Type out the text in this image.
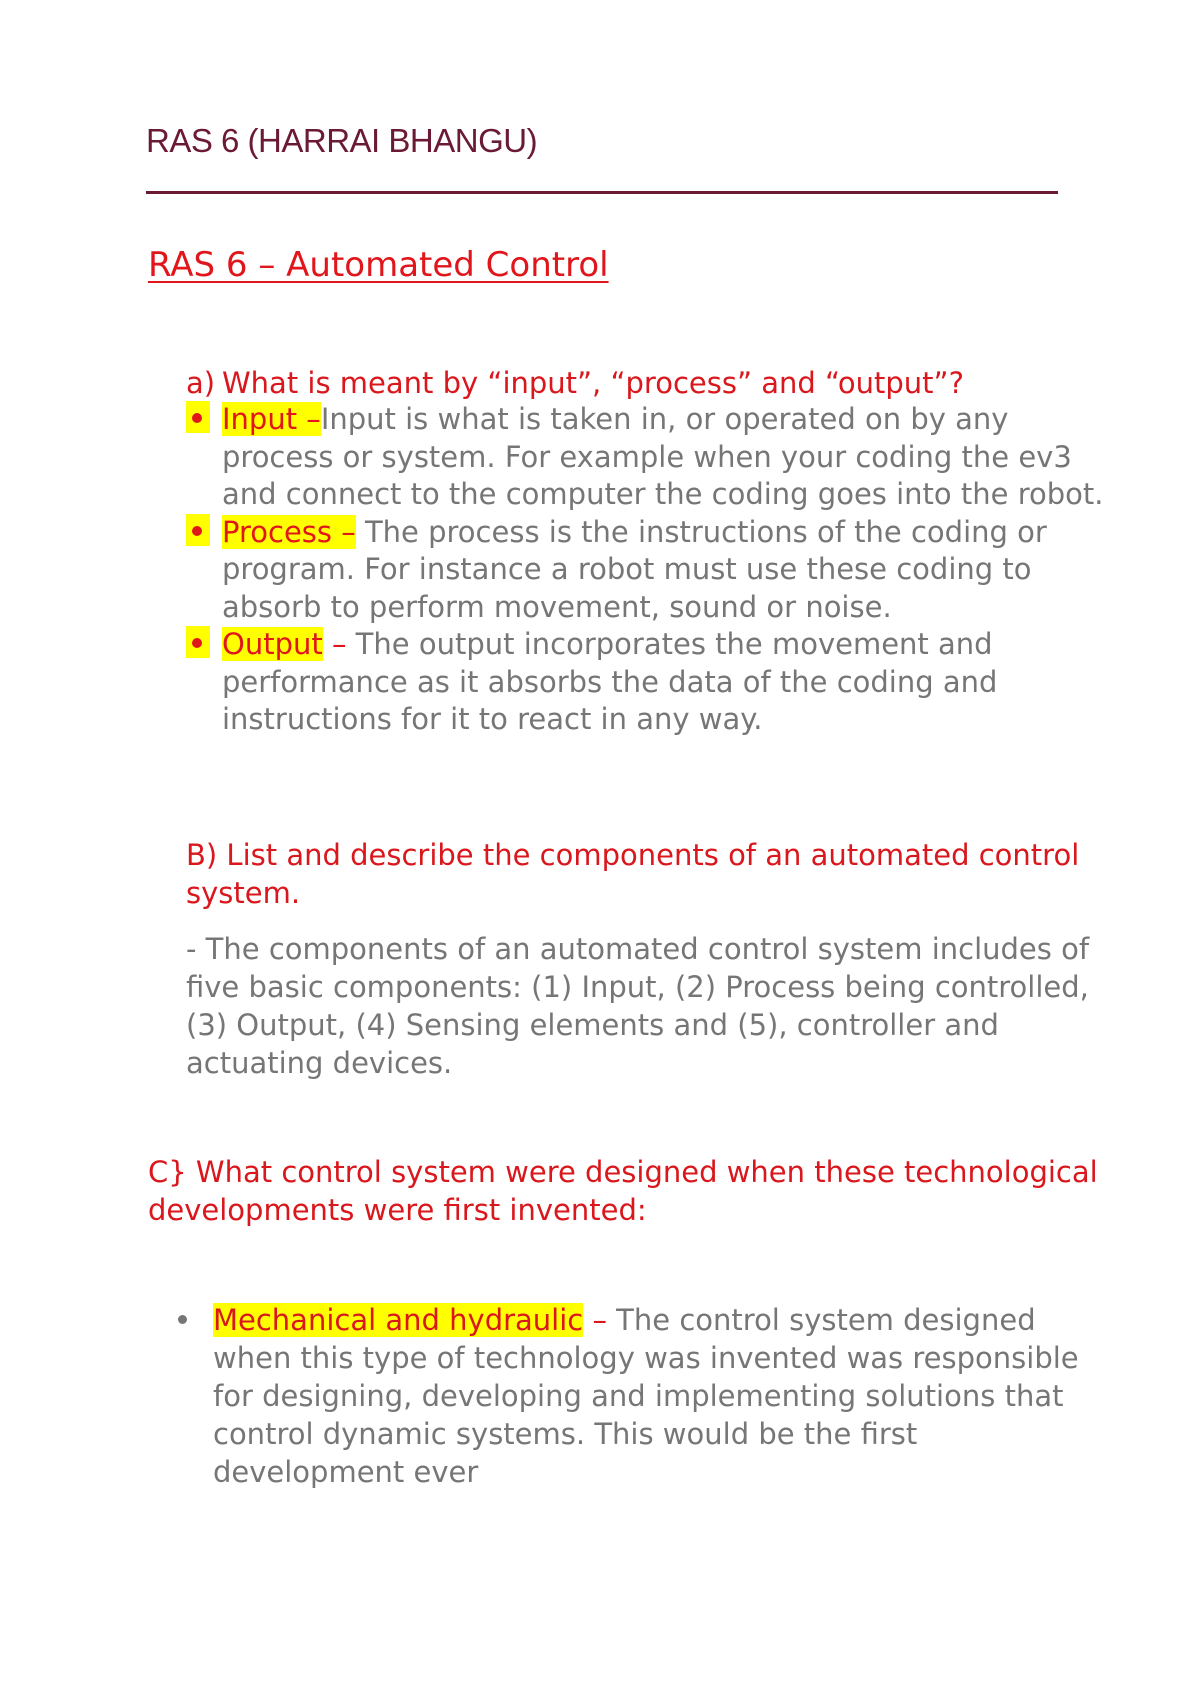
RAS 6 (HARRAI BHANGU)
RAS 6 – Automated Control
a) What is meant by “input”, “process” and “output”?

Input –Input is what is taken in, or operated on by any process or system. For example when your coding the ev3 and connect to the computer the coding goes into the robot.

Process – The process is the instructions of the coding or program. For instance a robot must use these coding to absorb to perform movement, sound or noise.

Output – The output incorporates the movement and performance as it absorbs the data of the coding and instructions for it to react in any way.

B) List and describe the components of an automated control system.
- The components of an automated control system includes of five basic components: (1) Input, (2) Process being controlled, (3) Output, (4) Sensing elements and (5), controller and actuating devices.
C} What control system were designed when these technological developments were first invented:
Mechanical and hydraulic – The control system designed when this type of technology was invented was responsible for designing, developing and implementing solutions that control dynamic systems. This would be the first development ever
